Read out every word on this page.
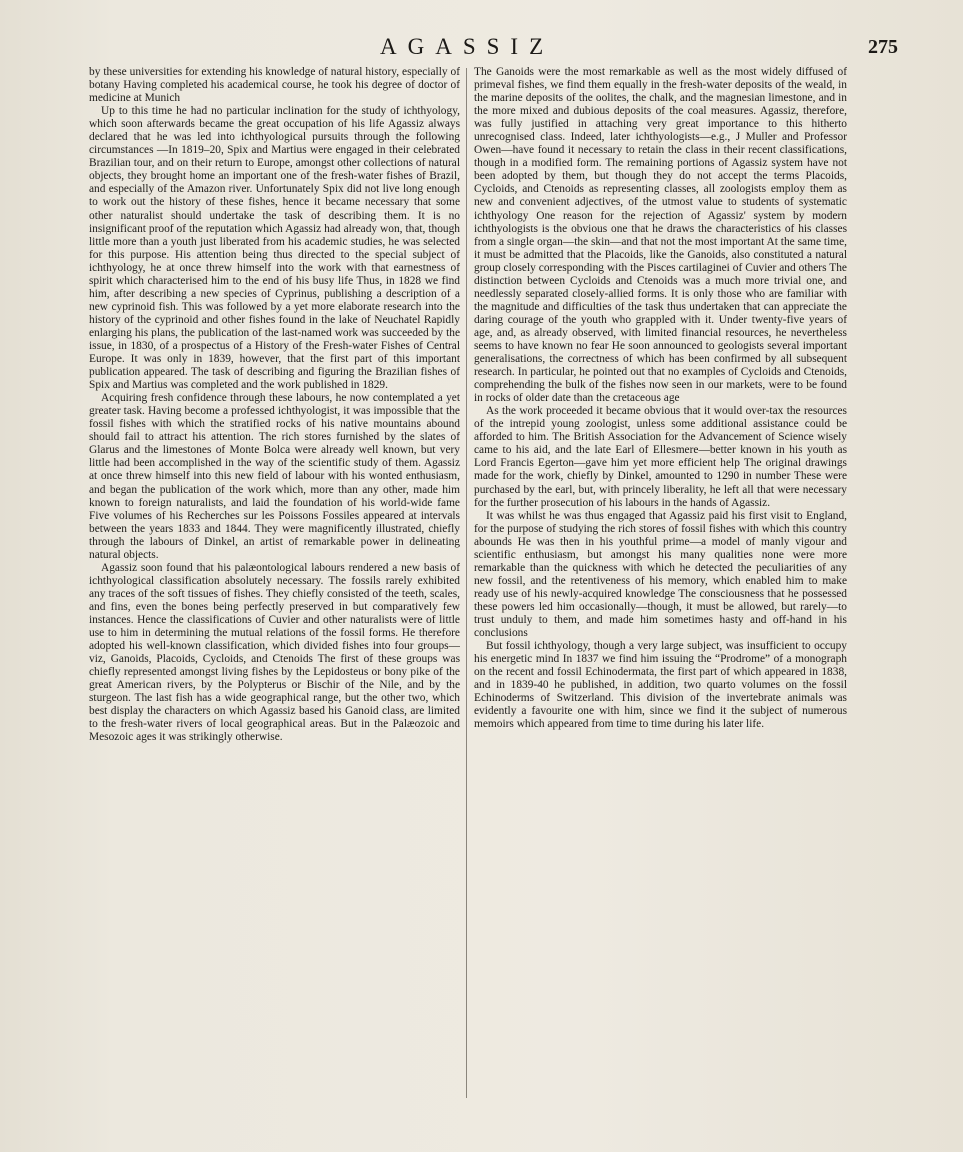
AGASSIZ	275

by these universities for extending his knowledge of natural history, especially of botany Having completed his academical course, he took his degree of doctor of medicine at Munich

Up to this time he had no particular inclination for the study of ichthyology, which soon afterwards became the great occupation of his life Agassiz always declared that he was led into ichthyological pursuits through the following circumstances —In 1819–20, Spix and Martius were engaged in their celebrated Brazilian tour, and on their return to Europe, amongst other collections of natural objects, they brought home an important one of the fresh-water fishes of Brazil, and especially of the Amazon river. Unfortunately Spix did not live long enough to work out the history of these fishes, hence it became necessary that some other naturalist should undertake the task of describing them. It is no insignificant proof of the reputation which Agassiz had already won, that, though little more than a youth just liberated from his academic studies, he was selected for this purpose. His attention being thus directed to the special subject of ichthyology, he at once threw himself into the work with that earnestness of spirit which characterised him to the end of his busy life Thus, in 1828 we find him, after describing a new species of Cyprinus, publishing a description of a new cyprinoid fish. This was followed by a yet more elaborate research into the history of the cyprinoid and other fishes found in the lake of Neuchatel Rapidly enlarging his plans, the publication of the last-named work was succeeded by the issue, in 1830, of a prospectus of a History of the Fresh-water Fishes of Central Europe. It was only in 1839, however, that the first part of this important publication appeared. The task of describing and figuring the Brazilian fishes of Spix and Martius was completed and the work published in 1829.

Acquiring fresh confidence through these labours, he now contemplated a yet greater task. Having become a professed ichthyologist, it was impossible that the fossil fishes with which the stratified rocks of his native mountains abound should fail to attract his attention. The rich stores furnished by the slates of Glarus and the limestones of Monte Bolca were already well known, but very little had been accomplished in the way of the scientific study of them. Agassiz at once threw himself into this new field of labour with his wonted enthusiasm, and began the publication of the work which, more than any other, made him known to foreign naturalists, and laid the foundation of his world-wide fame Five volumes of his Recherches sur les Poissons Fossiles appeared at intervals between the years 1833 and 1844. They were magnificently illustrated, chiefly through the labours of Dinkel, an artist of remarkable power in delineating natural objects.

Agassiz soon found that his palæontological labours rendered a new basis of ichthyological classification absolutely necessary. The fossils rarely exhibited any traces of the soft tissues of fishes. They chiefly consisted of the teeth, scales, and fins, even the bones being perfectly preserved in but comparatively few instances. Hence the classifications of Cuvier and other naturalists were of little use to him in determining the mutual relations of the fossil forms. He therefore adopted his well-known classification, which divided fishes into four groups—viz, Ganoids, Placoids, Cycloids, and Ctenoids The first of these groups was chiefly represented amongst living fishes by the Lepidosteus or bony pike of the great American rivers, by the Polypterus or Bischir of the Nile, and by the sturgeon. The last fish has a wide geographical range, but the other two, which best display the characters on which Agassiz based his Ganoid class, are limited to the fresh-water rivers of local geographical areas. But in the Palæozoic and Mesozoic ages it was strikingly otherwise.

The Ganoids were the most remarkable as well as the most widely diffused of primeval fishes, we find them equally in the fresh-water deposits of the weald, in the marine deposits of the oolites, the chalk, and the magnesian limestone, and in the more mixed and dubious deposits of the coal measures. Agassiz, therefore, was fully justified in attaching very great importance to this hitherto unrecognised class. Indeed, later ichthyologists—e.g., J Muller and Professor Owen—have found it necessary to retain the class in their recent classifications, though in a modified form. The remaining portions of Agassiz system have not been adopted by them, but though they do not accept the terms Placoids, Cycloids, and Ctenoids as representing classes, all zoologists employ them as new and convenient adjectives, of the utmost value to students of systematic ichthyology One reason for the rejection of Agassiz' system by modern ichthyologists is the obvious one that he draws the characteristics of his classes from a single organ—the skin—and that not the most important At the same time, it must be admitted that the Placoids, like the Ganoids, also constituted a natural group closely corresponding with the Pisces cartilaginei of Cuvier and others The distinction between Cycloids and Ctenoids was a much more trivial one, and needlessly separated closely-allied forms. It is only those who are familiar with the magnitude and difficulties of the task thus undertaken that can appreciate the daring courage of the youth who grappled with it. Under twenty-five years of age, and, as already observed, with limited financial resources, he nevertheless seems to have known no fear He soon announced to geologists several important generalisations, the correctness of which has been confirmed by all subsequent research. In particular, he pointed out that no examples of Cycloids and Ctenoids, comprehending the bulk of the fishes now seen in our markets, were to be found in rocks of older date than the cretaceous age

As the work proceeded it became obvious that it would over-tax the resources of the intrepid young zoologist, unless some additional assistance could be afforded to him. The British Association for the Advancement of Science wisely came to his aid, and the late Earl of Ellesmere—better known in his youth as Lord Francis Egerton—gave him yet more efficient help The original drawings made for the work, chiefly by Dinkel, amounted to 1290 in number These were purchased by the earl, but, with princely liberality, he left all that were necessary for the further prosecution of his labours in the hands of Agassiz.

It was whilst he was thus engaged that Agassiz paid his first visit to England, for the purpose of studying the rich stores of fossil fishes with which this country abounds He was then in his youthful prime—a model of manly vigour and scientific enthusiasm, but amongst his many qualities none were more remarkable than the quickness with which he detected the peculiarities of any new fossil, and the retentiveness of his memory, which enabled him to make ready use of his newly-acquired knowledge The consciousness that he possessed these powers led him occasionally—though, it must be allowed, but rarely—to trust unduly to them, and made him sometimes hasty and off-hand in his conclusions

But fossil ichthyology, though a very large subject, was insufficient to occupy his energetic mind In 1837 we find him issuing the “Prodrome” of a monograph on the recent and fossil Echinodermata, the first part of which appeared in 1838, and in 1839-40 he published, in addition, two quarto volumes on the fossil Echinoderms of Switzerland. This division of the invertebrate animals was evidently a favourite one with him, since we find it the subject of numerous memoirs which appeared from time to time during his later life.
